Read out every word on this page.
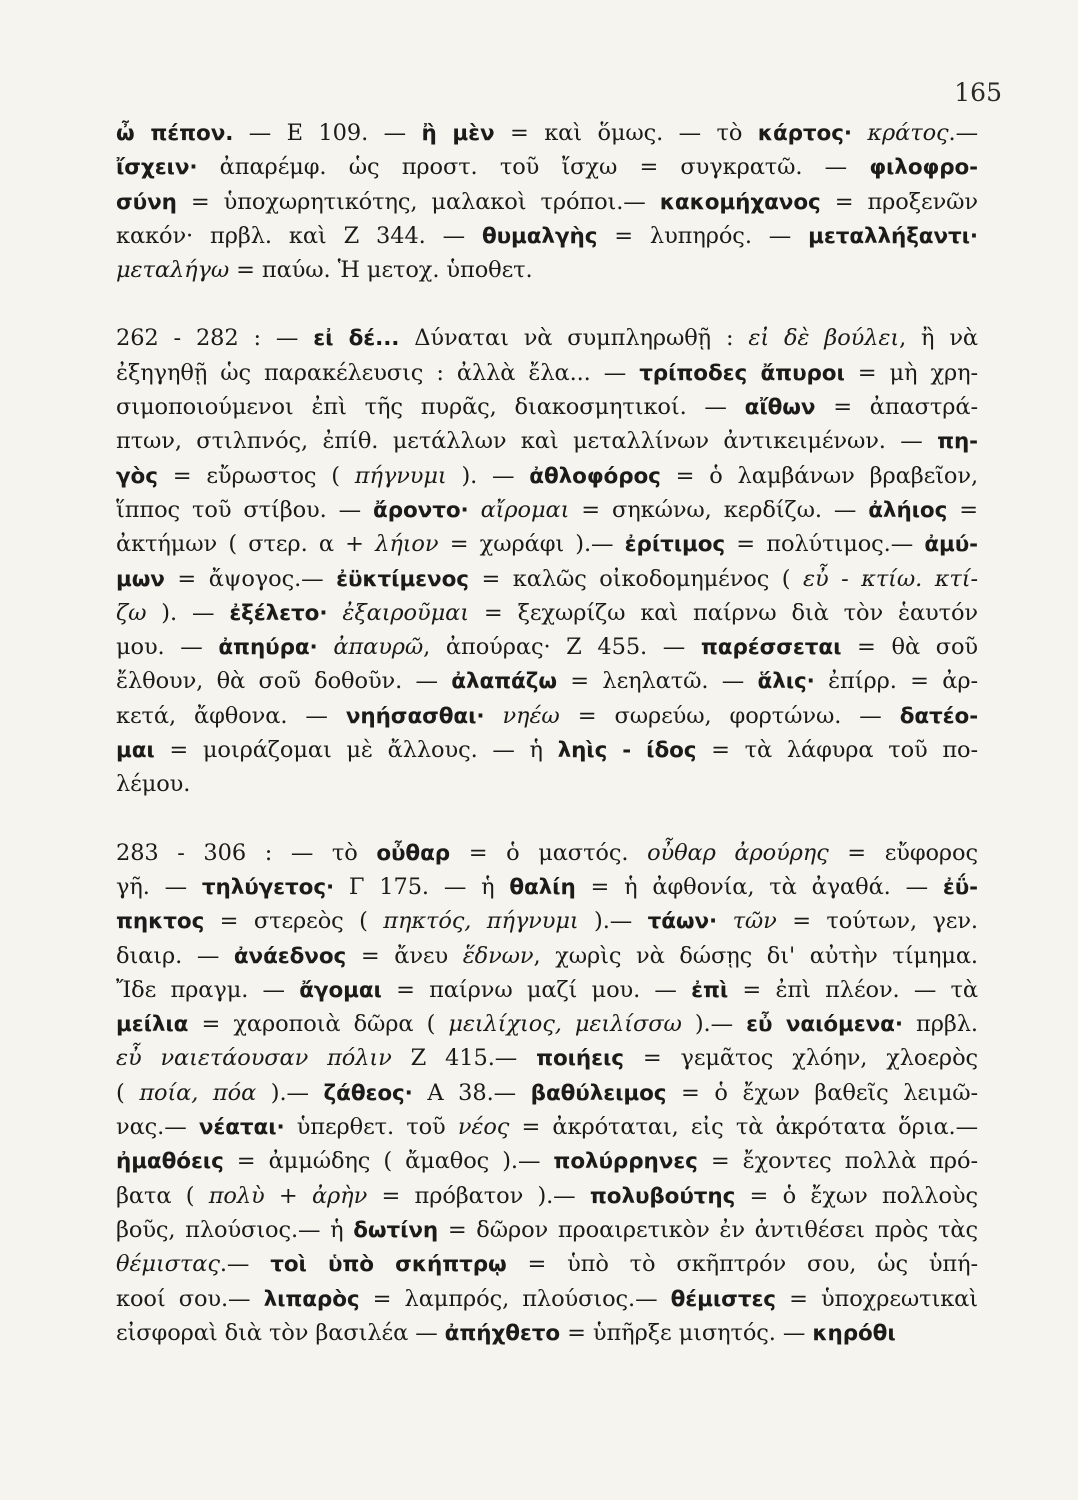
165
ὦ πέπον. — Ε 109. — ἢ μὲν = καὶ ὅμως. — τὸ κάρτος· κράτος.—
ἴσχειν· ἀπαρέμφ. ὡς προστ. τοῦ ἴσχω = συγκρατῶ. — φιλοφρο-
σύνη = ὑποχωρητικότης, μαλακοὶ τρόποι.— κακομήχανος = προξενῶν
κακόν· πρβλ. καὶ Ζ 344. — θυμαλγὴς = λυπηρός. — μεταλλήξαντι·
μεταλήγω = παύω. Ἡ μετοχ. ὑποθετ.
262 - 282 : — εἰ δέ... Δύναται νὰ συμπληρωθῇ : εἰ δὲ βούλει, ἢ νὰ
ἐξηγηθῇ ὡς παρακέλευσις : ἀλλὰ ἔλα... — τρίποδες ἄπυροι = μὴ χρη-
σιμοποιούμενοι ἐπὶ τῆς πυρᾶς, διακοσμητικοί. — αἴθων = ἀπαστρά-
πτων, στιλπνός, ἐπίθ. μετάλλων καὶ μεταλλίνων ἀντικειμένων. — πη-
γὸς = εὔρωστος ( πήγνυμι ). — ἀθλοφόρος = ὁ λαμβάνων βραβεῖον,
ἵππος τοῦ στίβου. — ἄροντο· αἴρομαι = σηκώνω, κερδίζω. — ἀλήιος =
ἀκτήμων ( στερ. α + λήιον = χωράφι ).— ἐρίτιμος = πολύτιμος.— ἀμύ-
μων = ἄψογος.— ἐϋκτίμενος = καλῶς οἰκοδομημένος ( εὖ - κτίω. κτί-
ζω ). — ἐξέλετο· ἐξαιροῦμαι = ξεχωρίζω καὶ παίρνω διὰ τὸν ἑαυτόν
μου. — ἀπηύρα· ἀπαυρῶ, ἀπούρας· Ζ 455. — παρέσσεται = θὰ σοῦ
ἔλθουν, θὰ σοῦ δοθοῦν. — ἀλαπάζω = λεηλατῶ. — ἅλις· ἐπίρρ. = ἀρ-
κετά, ἄφθονα. — νηήσασθαι· νηέω = σωρεύω, φορτώνω. — δατέο-
μαι = μοιράζομαι μὲ ἄλλους. — ἡ ληὶς - ίδος = τὰ λάφυρα τοῦ πο-
λέμου.
283 - 306 : — τὸ οὖθαρ = ὁ μαστός. οὖθαρ ἀρούρης = εὔφορος
γῆ. — τηλύγετος· Γ 175. — ἡ θαλίη = ἡ ἀφθονία, τὰ ἀγαθά. — ἐΰ-
πηκτος = στερεὸς ( πηκτός, πήγνυμι ).— τάων· τῶν = τούτων, γεν.
διαιρ. — ἀνάεδνος = ἄνευ ἕδνων, χωρὶς νὰ δώσῃς δι' αὐτὴν τίμημα.
Ἴδε πραγμ. — ἄγομαι = παίρνω μαζί μου. — ἐπὶ = ἐπὶ πλέον. — τὰ
μείλια = χαροποιὰ δῶρα ( μειλίχιος, μειλίσσω ).— εὖ ναιόμενα· πρβλ.
εὖ ναιετάουσαν πόλιν Ζ 415.— ποιήεις = γεμᾶτος χλόην, χλοερὸς
( ποία, πόα ).— ζάθεος· Α 38.— βαθύλειμος = ὁ ἔχων βαθεῖς λειμῶ-
νας.— νέαται· ὑπερθετ. τοῦ νέος = ἀκρόταται, εἰς τὰ ἀκρότατα ὅρια.—
ἠμαθόεις = ἀμμώδης ( ἄμαθος ).— πολύρρηνες = ἔχοντες πολλὰ πρό-
βατα ( πολὺ + ἀρὴν = πρόβατον ).— πολυβούτης = ὁ ἔχων πολλοὺς
βοῦς, πλούσιος.— ἡ δωτίνη = δῶρον προαιρετικὸν ἐν ἀντιθέσει πρὸς τὰς
θέμιστας.— τοὶ ὑπὸ σκήπτρῳ = ὑπὸ τὸ σκῆπτρόν σου, ὡς ὑπή-
κοοί σου.— λιπαρὸς = λαμπρός, πλούσιος.— θέμιστες = ὑποχρεωτικαὶ
εἰσφοραὶ διὰ τὸν βασιλέα — ἀπήχθετο = ὑπῆρξε μισητός. — κηρόθι
